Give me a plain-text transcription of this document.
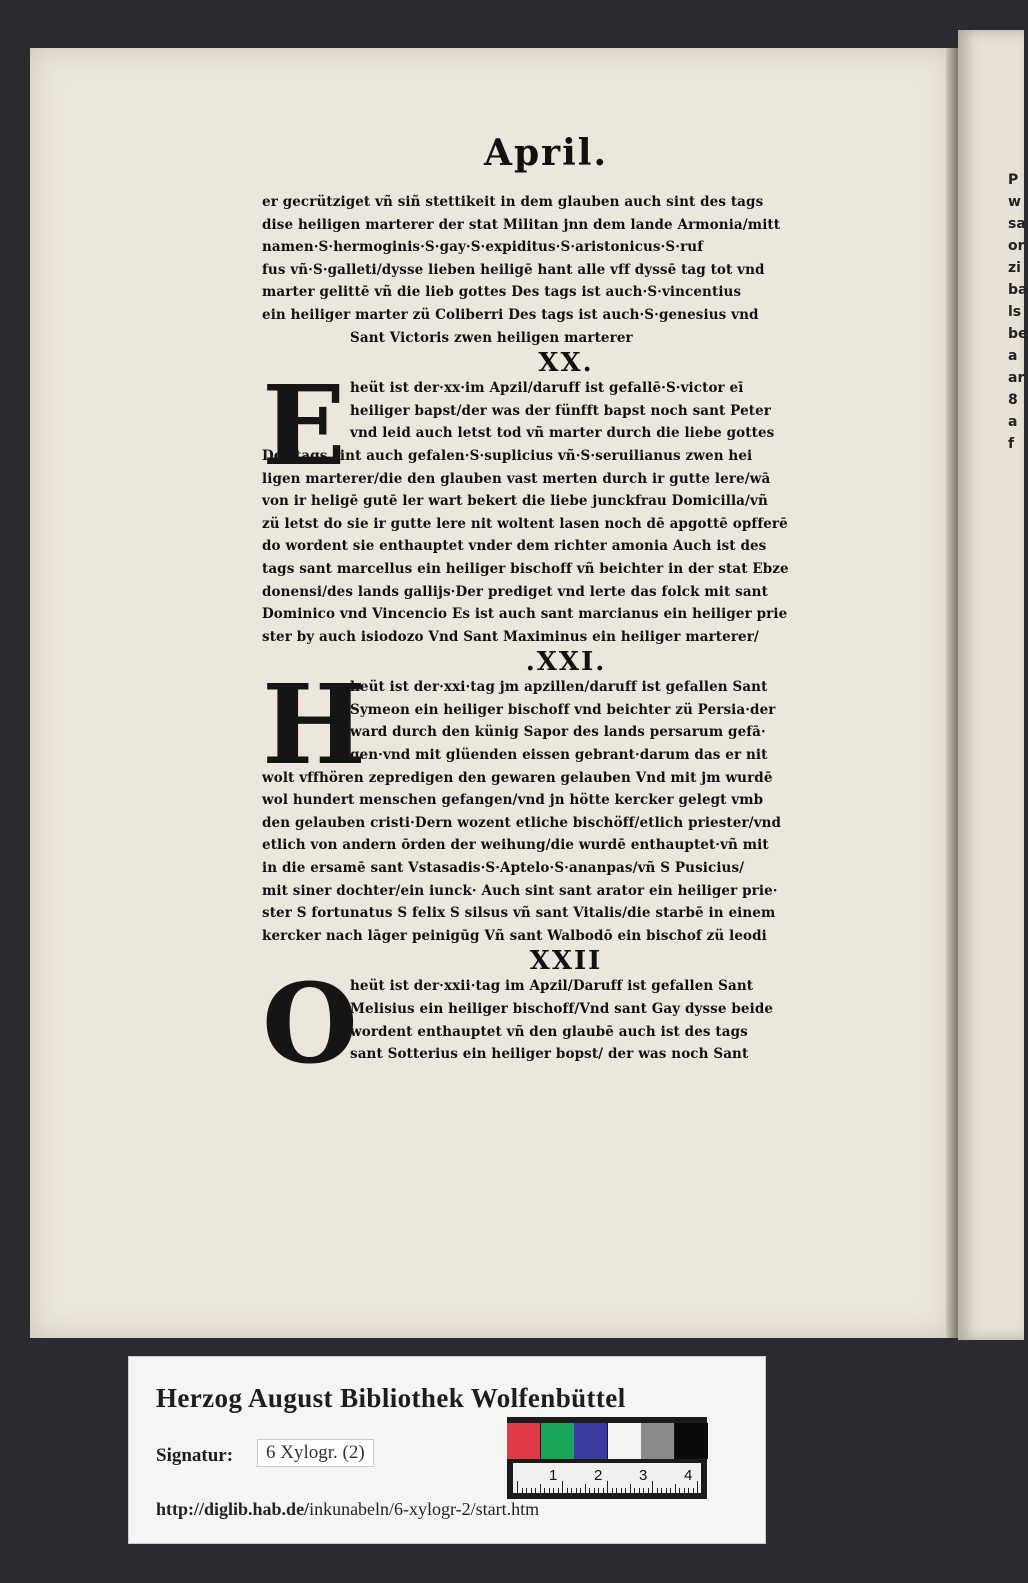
P
w
sa
or
zi
ba
ls
be
a
ar
8
a
f
April.
er gecrütziget vñ siñ stettikeit in dem glauben auch sint des tags
dise heiligen marterer der stat Militan jnn dem lande Armonia/mitt
namen·S·hermoginis·S·gay·S·expiditus·S·aristonicus·S·ruf
fus vñ·S·galleti/dysse lieben heiligē hant alle vff dyssē tag tot vnd
marter gelittē vñ die lieb gottes Des tags ist auch·S·vincentius
ein heiliger marter zü Coliberri Des tags ist auch·S·genesius vnd
Sant Victoris zwen heiligen marterer
XX.
E heüt ist der·xx·im Apzil/daruff ist gefallē·S·victor eī
heiliger bapst/der was der fünfft bapst noch sant Peter
vnd leid auch letst tod vñ marter durch die liebe gottes
Des tags sint auch gefalen·S·suplicius vñ·S·seruilianus zwen hei
ligen marterer/die den glauben vast merten durch ir gutte lere/wā
von ir heligē gutē ler wart bekert die liebe junckfrau Domicilla/vñ
zü letst do sie ir gutte lere nit woltent lasen noch dē apgottē opfferē
do wordent sie enthauptet vnder dem richter amonia Auch ist des
tags sant marcellus ein heiliger bischoff vñ beichter in der stat Ebze
donensi/des lands gallijs·Der prediget vnd lerte das folck mit sant
Dominico vnd Vincencio Es ist auch sant marcianus ein heiliger prie
ster by auch isiodozo Vnd Sant Maximinus ein heiliger marterer/
.XXI.
H
heüt ist der·xxi·tag jm apzillen/daruff ist gefallen Sant
Symeon ein heiliger bischoff vnd beichter zü Persia·der
ward durch den künig Sapor des lands persarum gefā·
gen·vnd mit glüenden eissen gebrant·darum das er nit
wolt vffhören zepredigen den gewaren gelauben Vnd mit jm wurdē
wol hundert menschen gefangen/vnd jn hötte kercker gelegt vmb
den gelauben cristi·Dern wozent etliche bischöff/etlich priester/vnd
etlich von andern ōrden der weihung/die wurdē enthauptet·vñ mit
in die ersamē sant Vstasadis·S·Aptelo·S·ananpas/vñ S Pusicius/
mit siner dochter/ein iunck· Auch sint sant arator ein heiliger prie·
ster S fortunatus S felix S silsus vñ sant Vitalis/die starbē in einem
kercker nach lāger peinigūg Vñ sant Walbodō ein bischof zü leodi
XXII
O
heüt ist der·xxii·tag im Apzil/Daruff ist gefallen Sant
Melisius ein heiliger bischoff/Vnd sant Gay dysse beide
wordent enthauptet vñ den glaubē auch ist des tags
sant Sotterius ein heiliger bopst/ der was noch Sant
Herzog August Bibliothek Wolfenbüttel
Signatur:	6 Xylogr. (2)
http://diglib.hab.de/inkunabeln/6-xylogr-2/start.htm
1 2 3 4
